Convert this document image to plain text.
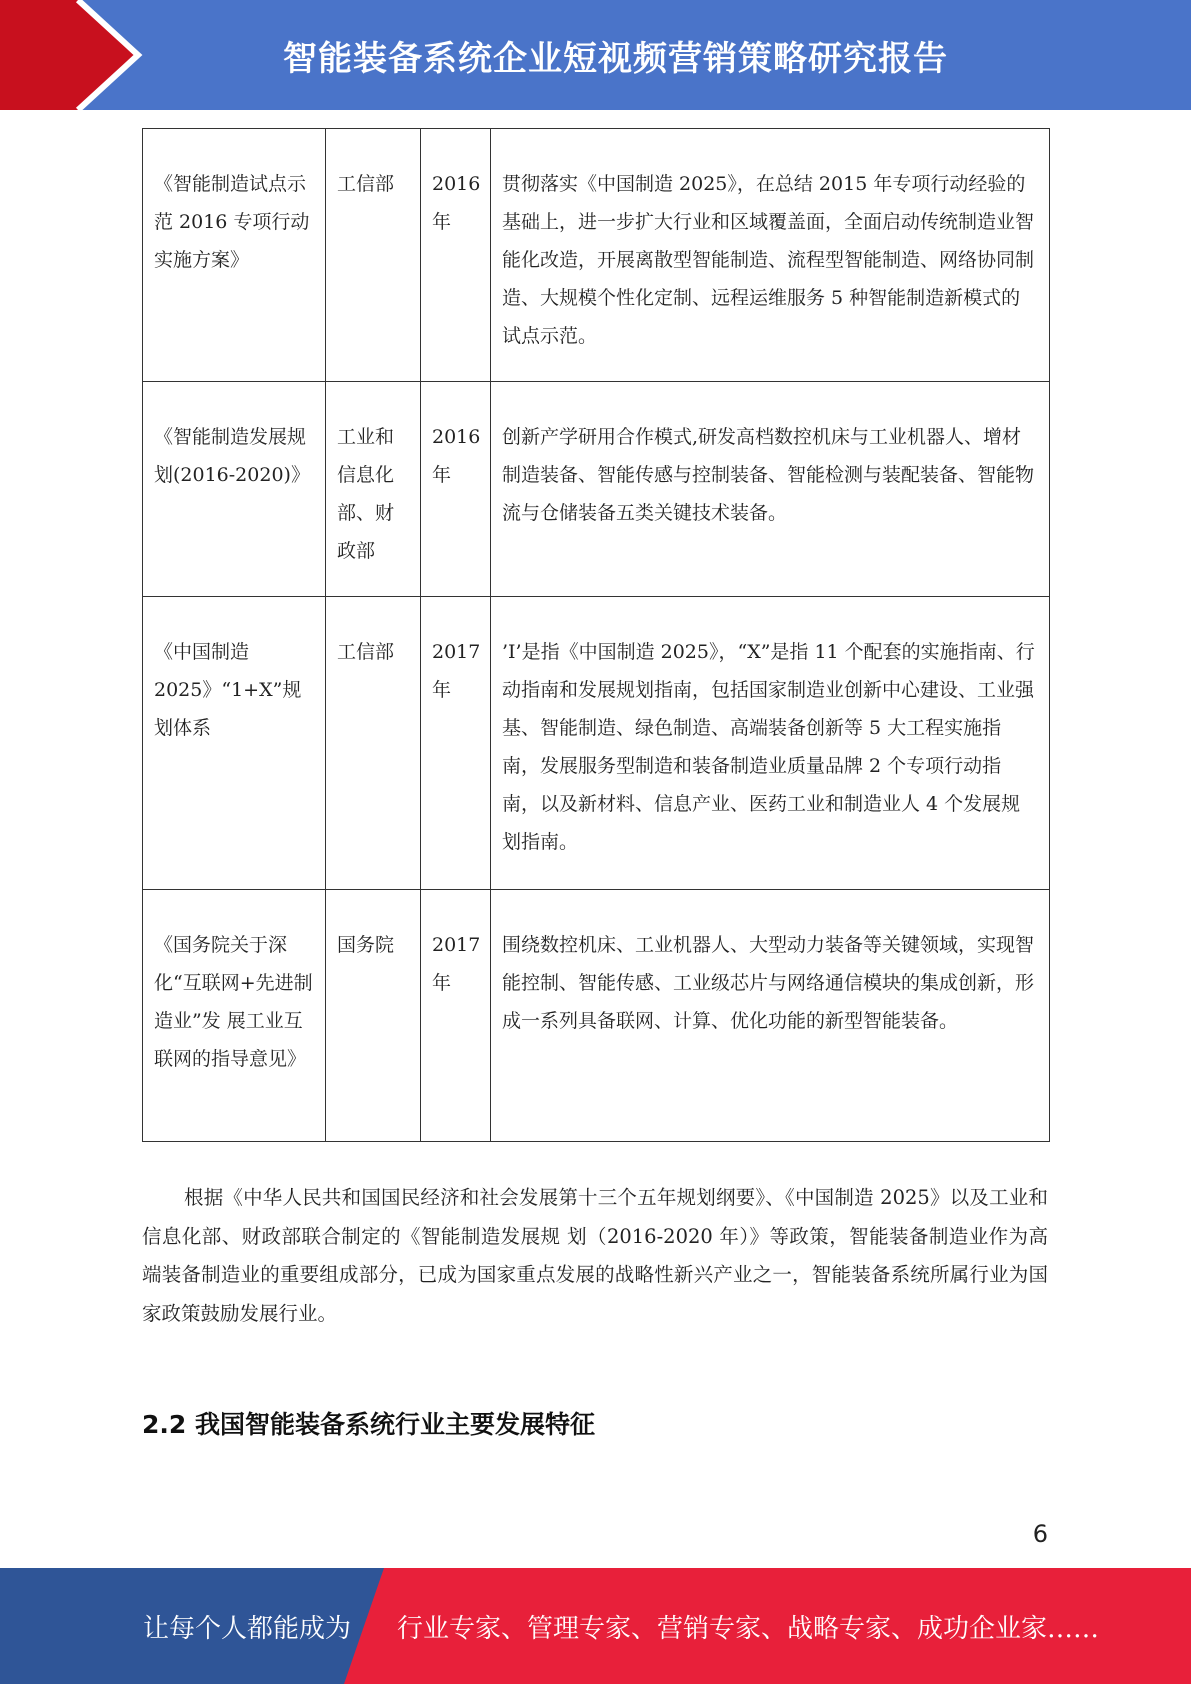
智能装备系统企业短视频营销策略研究报告
《智能制造试点示范 2016 专项行动实施方案》	工信部	2016年	贯彻落实《中国制造 2025》，在总结 2015 年专项行动经验的基础上，进一步扩大行业和区域覆盖面，全面启动传统制造业智能化改造，开展离散型智能制造、流程型智能制造、网络协同制造、大规模个性化定制、远程运维服务 5 种智能制造新模式的试点示范。

《智能制造发展规划(2016-2020)》	工业和信息化部、财政部	2016年	创新产学研用合作模式,研发高档数控机床与工业机器人、增材制造装备、智能传感与控制装备、智能检测与装配装备、智能物流与仓储装备五类关键技术装备。

《中国制造2025》“1+X”规划体系	工信部	2017年	’I’是指《中国制造 2025》，“X”是指 11 个配套的实施指南、行动指南和发展规划指南，包括国家制造业创新中心建设、工业强基、智能制造、绿色制造、高端装备创新等 5 大工程实施指南，发展服务型制造和装备制造业质量品牌 2 个专项行动指南，以及新材料、信息产业、医药工业和制造业人 4 个发展规划指南。

《国务院关于深化“互联网+先进制造业”发 展工业互联网的指导意见》	国务院	2017年	围绕数控机床、工业机器人、大型动力装备等关键领域，实现智能控制、智能传感、工业级芯片与网络通信模块的集成创新，形成一系列具备联网、计算、优化功能的新型智能装备。

根据《中华人民共和国国民经济和社会发展第十三个五年规划纲要》、《中国制造 2025》以及工业和信息化部、财政部联合制定的《智能制造发展规 划（2016-2020 年）》等政策，智能装备制造业作为高端装备制造业的重要组成部分，已成为国家重点发展的战略性新兴产业之一，智能装备系统所属行业为国家政策鼓励发展行业。

2.2 我国智能装备系统行业主要发展特征
6
让每个人都能成为 行业专家、管理专家、营销专家、战略专家、成功企业家……
